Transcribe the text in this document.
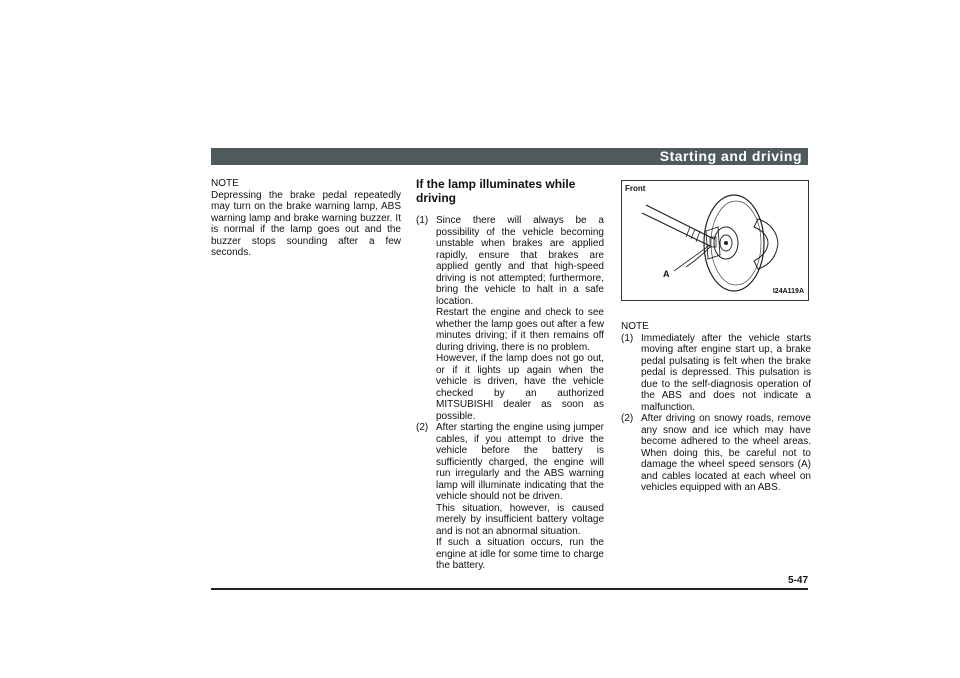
Starting and driving
NOTE

Depressing the brake pedal repeatedly may turn on the brake warning lamp, ABS warning lamp and brake warning buzzer. It is normal if the lamp goes out and the buzzer stops sounding after a few seconds.

If the lamp illuminates while driving

(1) Since there will always be a possibility of the vehicle becoming unstable when brakes are applied rapidly, ensure that brakes are applied gently and that high-speed driving is not attempted; furthermore, bring the vehicle to halt in a safe location.

Restart the engine and check to see whether the lamp goes out after a few minutes driving; if it then remains off during driving, there is no problem.

However, if the lamp does not go out, or if it lights up again when the vehicle is driven, have the vehicle checked by an authorized MITSUBISHI dealer as soon as possible.

(2) After starting the engine using jumper cables, if you attempt to drive the vehicle before the battery is sufficiently charged, the engine will run irregularly and the ABS warning lamp will illuminate indicating that the vehicle should not be driven.

This situation, however, is caused merely by insufficient battery voltage and is not an abnormal situation.

If such a situation occurs, run the engine at idle for some time to charge the battery.

Front
A
I24A119A
NOTE
(1) Immediately after the vehicle starts moving after engine start up, a brake pedal pulsating is felt when the brake pedal is depressed. This pulsation is due to the self-diagnosis operation of the ABS and does not indicate a malfunction.

(2) After driving on snowy roads, remove any snow and ice which may have become adhered to the wheel areas. When doing this, be careful not to damage the wheel speed sensors (A) and cables located at each wheel on vehicles equipped with an ABS.

5-47
